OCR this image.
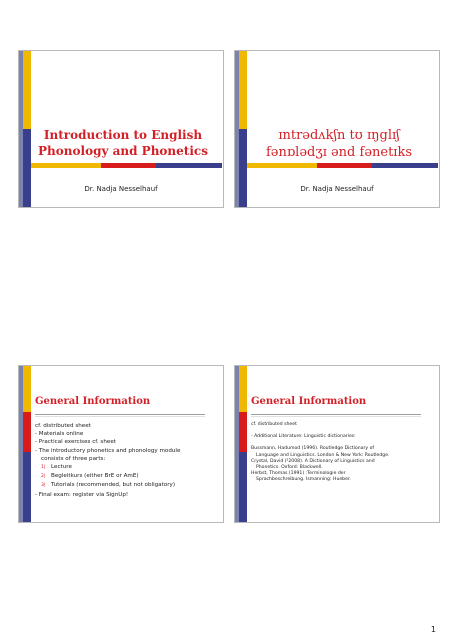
Introduction to English
Phonology and Phonetics
Dr. Nadja Nesselhauf
ɪntrədʌkʃn tʊ ɪŋglɪʃ
fənɒlədʒɪ ənd fənetɪks
Dr. Nadja Nesselhauf
General Information
cf. distributed sheet
- Materials online
- Practical exercises cf. sheet
- The introductory phonetics and phonology module
consists of three parts:
1| Lecture
2| Begleitkurs (either BrE or AmE)
3| Tutorials (recommended, but not obligatory)
- Final exam: register via SignUp!
General Information
cf. distributed sheet
- Additional Literature: Linguistic dictionaries:
Bussmann, Hadumod (1996). Routledge Dictionary of
Language and Linguistics. London & New York: Routledge.
Crystal, David (²2008). A Dictionary of Linguistics and
Phonetics. Oxford: Blackwell.
Herbst, Thomas (1991) :Terminologie der
Sprachbeschreibung. Ismanning: Hueber.
1
